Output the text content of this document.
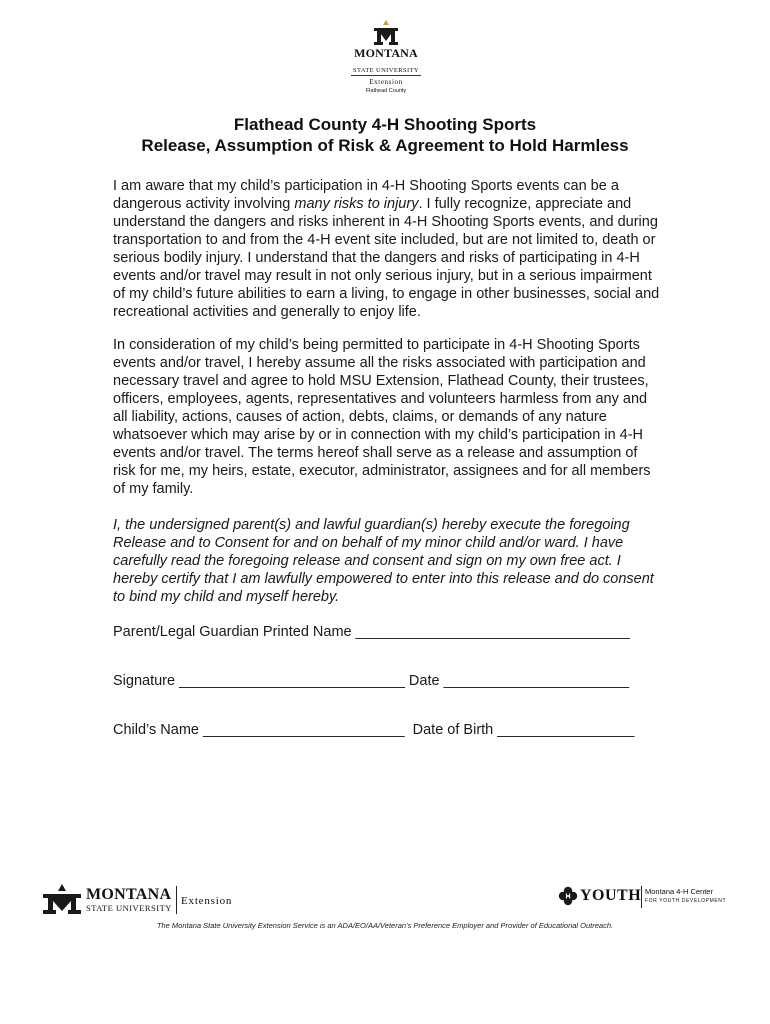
MONTANA
STATE UNIVERSITY
Extension
Flathead County
Flathead County 4-H Shooting Sports
Release, Assumption of Risk & Agreement to Hold Harmless

I am aware that my child’s participation in 4-H Shooting Sports events can be a dangerous activity involving many risks to injury. I fully recognize, appreciate and understand the dangers and risks inherent in 4-H Shooting Sports events, and during transportation to and from the 4-H event site included, but are not limited to, death or serious bodily injury. I understand that the dangers and risks of participating in 4-H events and/or travel may result in not only serious injury, but in a serious impairment of my child’s future abilities to earn a living, to engage in other businesses, social and recreational activities and generally to enjoy life.

In consideration of my child’s being permitted to participate in 4-H Shooting Sports events and/or travel, I hereby assume all the risks associated with participation and necessary travel and agree to hold MSU Extension, Flathead County, their trustees, officers, employees, agents, representatives and volunteers harmless from any and all liability, actions, causes of action, debts, claims, or demands of any nature whatsoever which may arise by or in connection with my child’s participation in 4-H events and/or travel. The terms hereof shall serve as a release and assumption of risk for me, my heirs, estate, executor, administrator, assignees and for all members of my family.

I, the undersigned parent(s) and lawful guardian(s) hereby execute the foregoing Release and to Consent for and on behalf of my minor child and/or ward. I have carefully read the foregoing release and consent and sign on my own free act. I hereby certify that I am lawfully empowered to enter into this release and do consent to bind my child and myself hereby.

Parent/Legal Guardian Printed Name __________________________________
Signature ____________________________ Date _______________________
Child’s Name _________________________  Date of Birth _________________
MONTANA
STATE UNIVERSITY
Extension	H YOUTH Montana 4-H Center
FOR YOUTH DEVELOPMENT
The Montana State University Extension Service is an ADA/EO/AA/Veteran’s Preference Employer and Provider of Educational Outreach.
